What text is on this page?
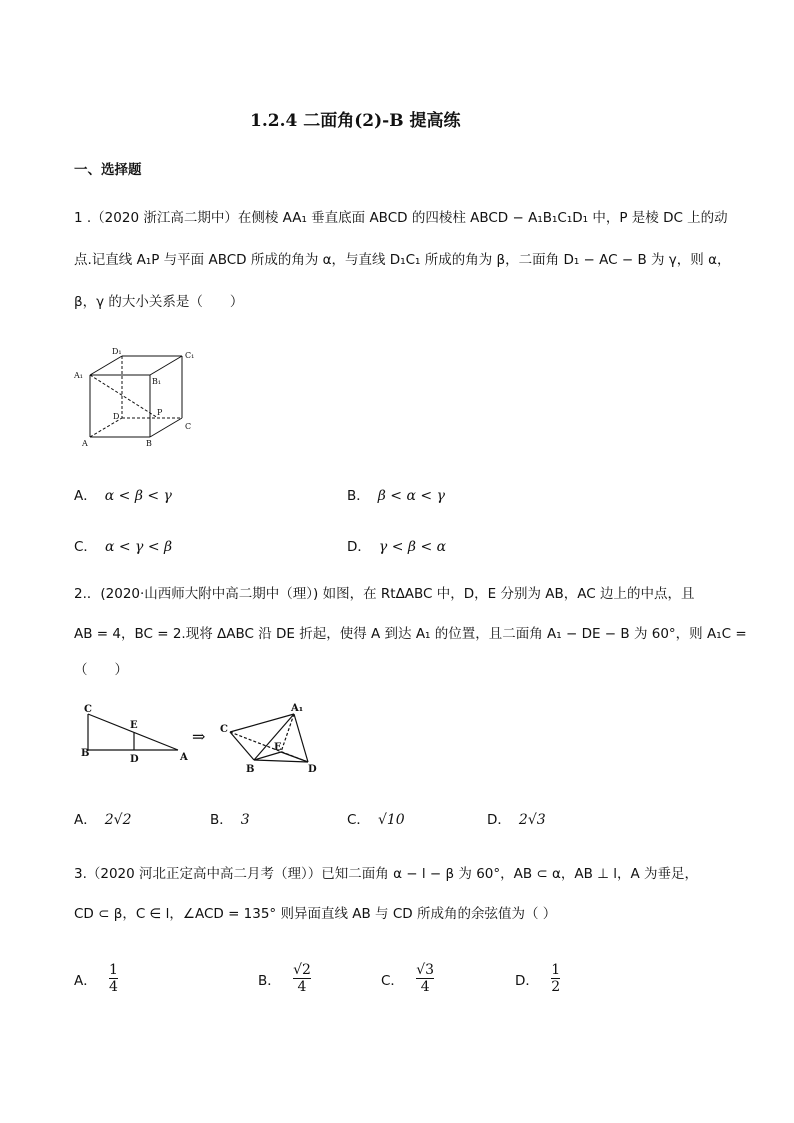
1.2.4 二面角(2)-B 提高练
一、选择题
1 .（2020 浙江高二期中）在侧棱 AA₁ 垂直底面 ABCD 的四棱柱 ABCD − A₁B₁C₁D₁ 中，P 是棱 DC 上的动
点.记直线 A₁P 与平面 ABCD 所成的角为 α，与直线 D₁C₁ 所成的角为 β，二面角 D₁ − AC − B 为 γ，则 α，
β，γ 的大小关系是（　　）
A₁
B₁
C₁
D₁
A	B
C
D	P
A． α < β < γ	B． β < α < γ
C． α < γ < β	D． γ < β < α
2.．(2020·山西师大附中高二期中（理）) 如图，在 RtΔABC 中，D，E 分别为 AB，AC 边上的中点，且
AB = 4，BC = 2.现将 ΔABC 沿 DE 折起，使得 A 到达 A₁ 的位置，且二面角 A₁ − DE − B 为 60°，则 A₁C =
（　　）
C
E
B
D	A
⇒ C
A₁
E
B	D
A． 2√2	B． 3	C． √10	D． 2√3
3.（2020 河北正定高中高二月考（理））已知二面角 α − l − β 为 60°，AB ⊂ α，AB ⊥ l，A 为垂足，
CD ⊂ β，C ∈ l，∠ACD = 135° 则异面直线 AB 与 CD 所成角的余弦值为（ ）
A． $\frac{1}{4}$	B． $\frac{√2}{4}$	C． $\frac{√3}{4}$	D． $\frac{1}{2}$
